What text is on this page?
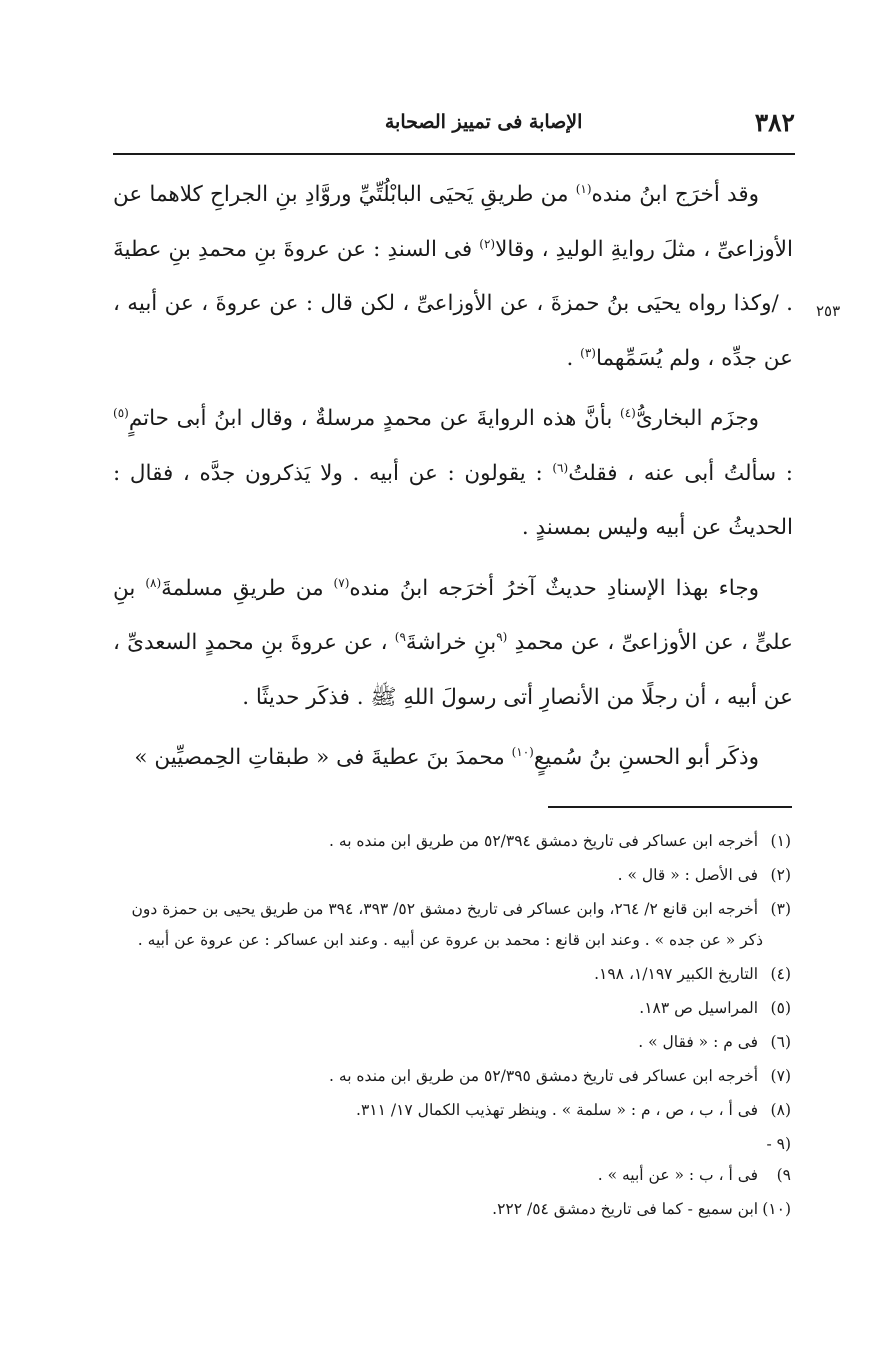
٣٨٢
الإصابة فى تمييز الصحابة
٢٥٣

وقد أخرَج ابنُ منده$^{(١)}$ من طريقِ يَحيَى البابْلُتِّيِّ وروَّادِ بنِ الجراحِ كلاهما عن الأوزاعىِّ ، مثلَ روايةِ الوليدِ ، وقالا$^{(٢)}$ فى السندِ : عن عروةَ بنِ محمدِ بنِ عطيةَ . /وكذا رواه يحيَى بنُ حمزةَ ، عن الأوزاعىِّ ، لكن قال : عن عروةَ ، عن أبيه ، عن جدِّه ، ولم يُسَمِّهما$^{(٣)}$ .

وجزَم البخارىُّ$^{(٤)}$ بأنَّ هذه الروايةَ عن محمدٍ مرسلةٌ ، وقال ابنُ أبى حاتمٍ$^{(٥)}$ : سألتُ أبى عنه ، فقلتُ$^{(٦)}$ : يقولون : عن أبيه . ولا يَذكرون جدَّه ، فقال : الحديثُ عن أبيه وليس بمسندٍ .

وجاء بهذا الإسنادِ حديثٌ آخرُ أخرَجه ابنُ منده$^{(٧)}$ من طريقِ مسلمةَ$^{(٨)}$ بنِ علىٍّ ، عن الأوزاعىِّ ، عن محمدِ $^{(٩}$بنِ خراشةَ$^{٩)}$ ، عن عروةَ بنِ محمدٍ السعدىِّ ، عن أبيه ، أن رجلًا من الأنصارِ أتى رسولَ اللهِ ﷺ . فذكَر حديثًا .

وذكَر أبو الحسنِ بنُ سُميعٍ$^{(١٠)}$ محمدَ بنَ عطيةَ فى « طبقاتِ الحِمصيِّين »

(١) أخرجه ابن عساكر فى تاريخ دمشق ٥٢/٣٩٤ من طريق ابن منده به .
(٢) فى الأصل : « قال » .
(٣) أخرجه ابن قانع ٢/ ٢٦٤، وابن عساكر فى تاريخ دمشق ٥٢/ ٣٩٣، ٣٩٤ من طريق يحيى بن حمزة دون ذكر « عن جده » . وعند ابن قانع : محمد بن عروة عن أبيه . وعند ابن عساكر : عن عروة عن أبيه .
(٤) التاريخ الكبير ١/١٩٧، ١٩٨.
(٥) المراسيل ص ١٨٣.
(٦) فى م : « فقال » .
(٧) أخرجه ابن عساكر فى تاريخ دمشق ٥٢/٣٩٥ من طريق ابن منده به .
(٨) فى أ ، ب ، ص ، م : « سلمة » . وينظر تهذيب الكمال ١٧/ ٣١١.
(٩ - ٩) فى أ ، ب : « عن أبيه » .
(١٠) ابن سميع - كما فى تاريخ دمشق ٥٤/ ٢٢٢.
